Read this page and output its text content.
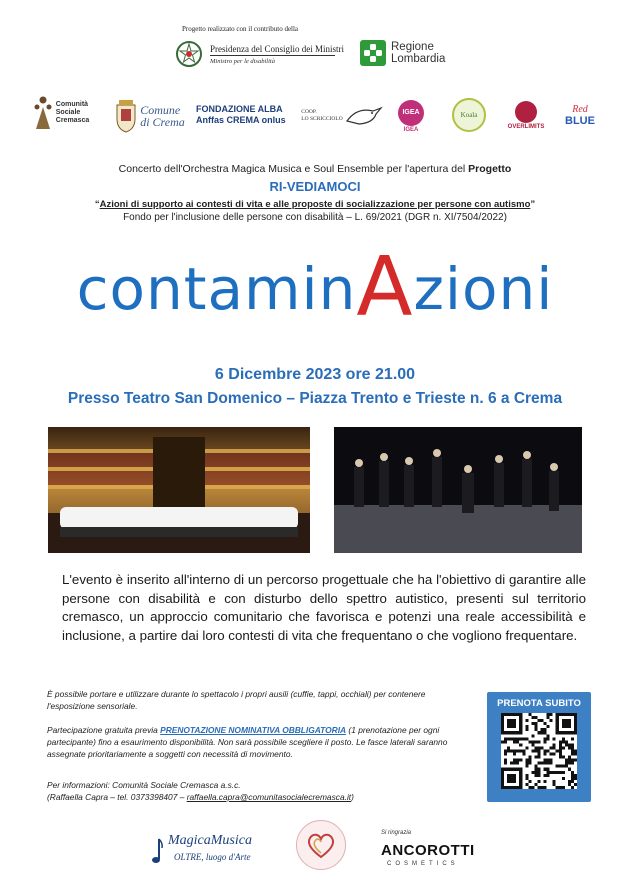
Progetto realizzato con il contributo della
Presidenza del Consiglio dei Ministri
Ministro per le disabilità
Regione
Lombardia
Comunità
Sociale
Cremasca
Comune
di Crema
FONDAZIONE ALBA
Anffas CREMA onlus
COOP.
LO SCRICCIOLO
IGEA
IGEA
Koala
OVERLIMITS
Red
BLUE
Concerto dell'Orchestra Magica Musica e Soul Ensemble per l'apertura del Progetto
RI-VEDIAMOCI
“Azioni di supporto ai contesti di vita e alle proposte di socializzazione per persone con autismo”
Fondo per l'inclusione delle persone con disabilità – L. 69/2021 (DGR n. XI/7504/2022)
contaminAzioni
6 Dicembre 2023 ore 21.00
Presso Teatro San Domenico – Piazza Trento e Trieste n. 6 a Crema
L'evento è inserito all'interno di un percorso progettuale che ha l'obiettivo di garantire alle persone con disabilità e con disturbo dello spettro autistico, presenti sul territorio cremasco, un approccio comunitario che favorisca e potenzi una reale accessibilità e inclusione, a partire dai loro contesti di vita che frequentano o che vogliono frequentare.
È possibile portare e utilizzare durante lo spettacolo i propri ausili (cuffie, tappi, occhiali) per contenere l'esposizione sensoriale.
Partecipazione gratuita previa PRENOTAZIONE NOMINATIVA OBBLIGATORIA (1 prenotazione per ogni partecipante) fino a esaurimento disponibilità. Non sarà possibile scegliere il posto. Le fasce laterali saranno assegnate prioritariamente a soggetti con necessità di movimento.
Per informazioni: Comunità Sociale Cremasca a.s.c.
(Raffaella Capra – tel. 0373398407 – raffaella.capra@comunitasocialecremasca.it)
PRENOTA SUBITO
MagicaMusica
OLTRE, luogo d'Arte
Si ringrazia
ANCOROTTI
COSMETICS
